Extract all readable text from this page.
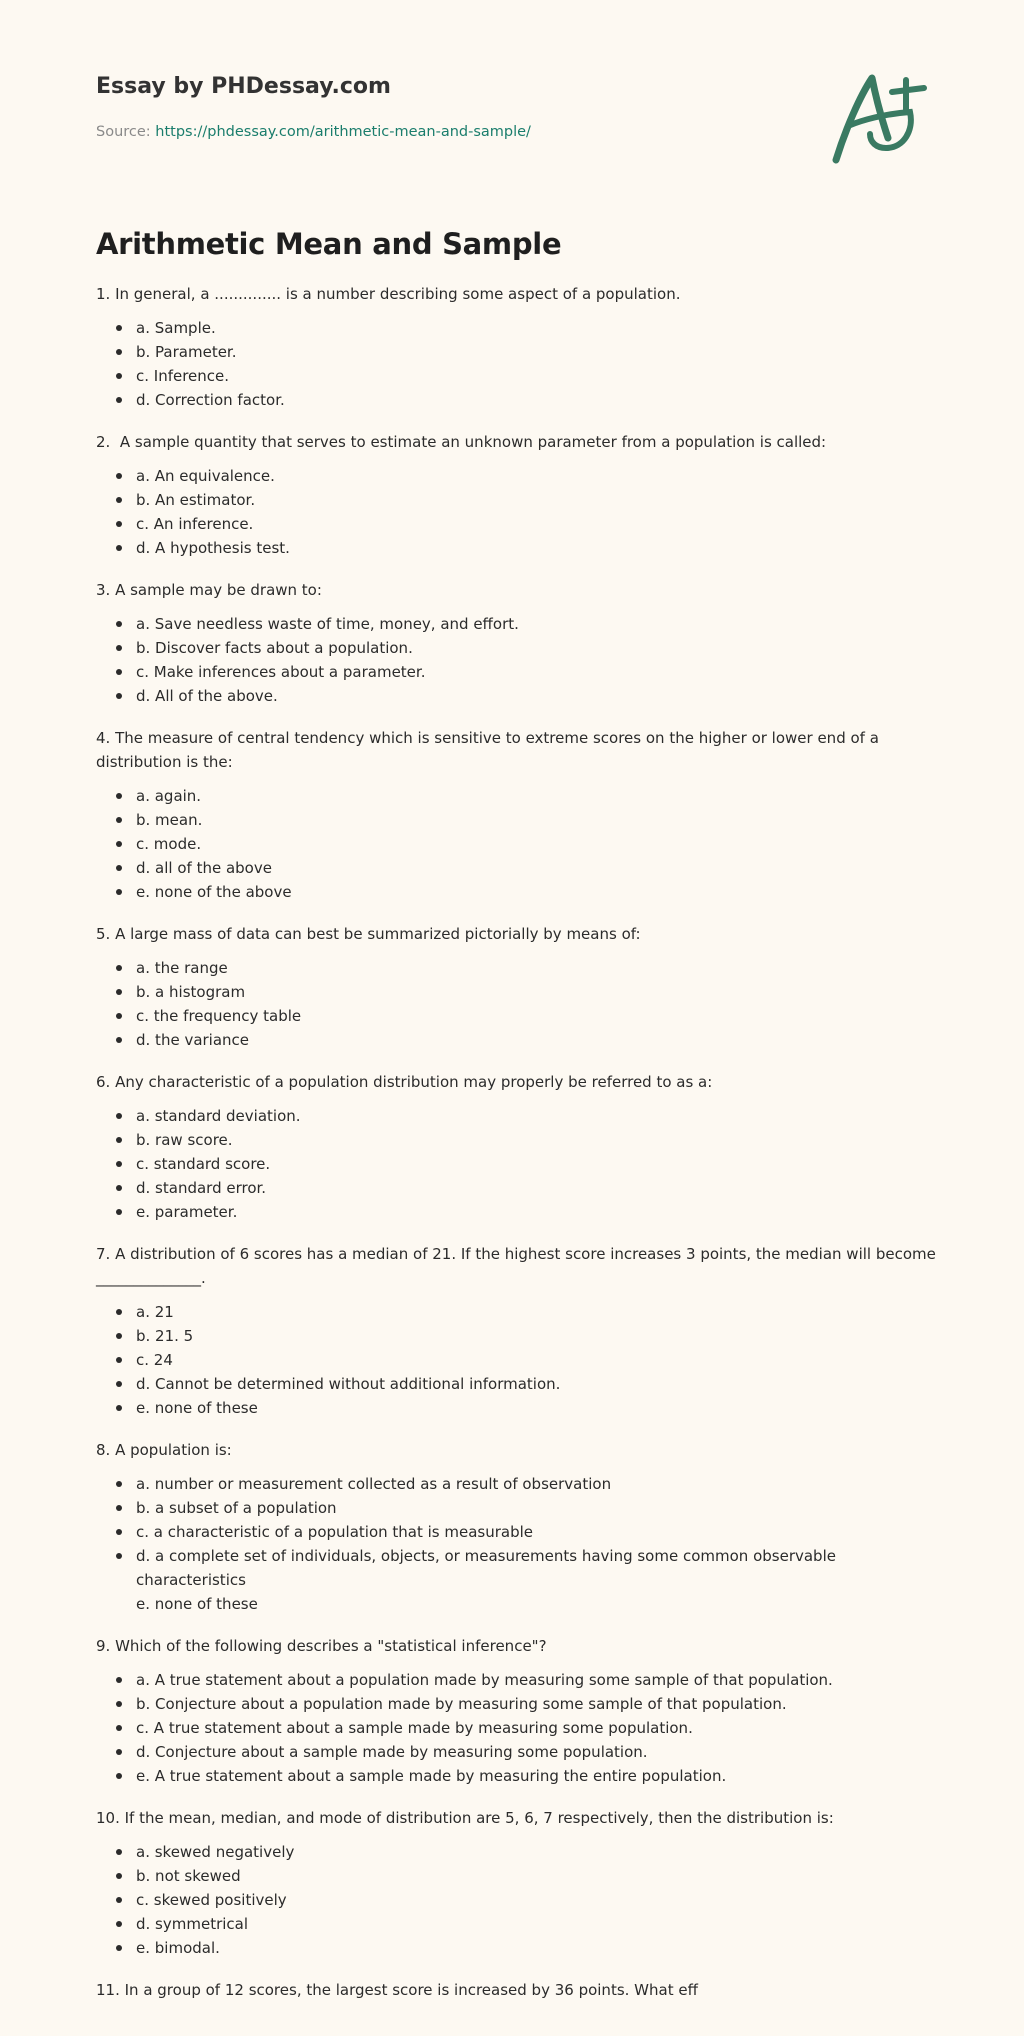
Essay by PHDessay.com
Source: https://phdessay.com/arithmetic-mean-and-sample/
Arithmetic Mean and Sample

1. In general, a .............. is a number describing some aspect of a population.

a. Sample.
b. Parameter.
c. Inference.
d. Correction factor.

2.  A sample quantity that serves to estimate an unknown parameter from a population is called:

a. An equivalence.
b. An estimator.
c. An inference.
d. A hypothesis test.

3. A sample may be drawn to:

a. Save needless waste of time, money, and effort.
b. Discover facts about a population.
c. Make inferences about a parameter.
d. All of the above.

4. The measure of central tendency which is sensitive to extreme scores on the higher or lower end of a distribution is the:

a. again.
b. mean.
c. mode.
d. all of the above
e. none of the above

5. A large mass of data can best be summarized pictorially by means of:

a. the range
b. a histogram
c. the frequency table
d. the variance

6. Any characteristic of a population distribution may properly be referred to as a:

a. standard deviation.
b. raw score.
c. standard score.
d. standard error.
e. parameter.

7. A distribution of 6 scores has a median of 21. If the highest score increases 3 points, the median will become ______________.

a. 21
b. 21. 5
c. 24
d. Cannot be determined without additional information.
e. none of these

8. A population is:

a. number or measurement collected as a result of observation
b. a subset of a population
c. a characteristic of a population that is measurable
d. a complete set of individuals, objects, or measurements having some common observable characteristics
e. none of these

9. Which of the following describes a "statistical inference"?

a. A true statement about a population made by measuring some sample of that population.
b. Conjecture about a population made by measuring some sample of that population.
c. A true statement about a sample made by measuring some population.
d. Conjecture about a sample made by measuring some population.
e. A true statement about a sample made by measuring the entire population.

10. If the mean, median, and mode of distribution are 5, 6, 7 respectively, then the distribution is:

a. skewed negatively
b. not skewed
c. skewed positively
d. symmetrical
e. bimodal.

11. In a group of 12 scores, the largest score is increased by 36 points. What eff
